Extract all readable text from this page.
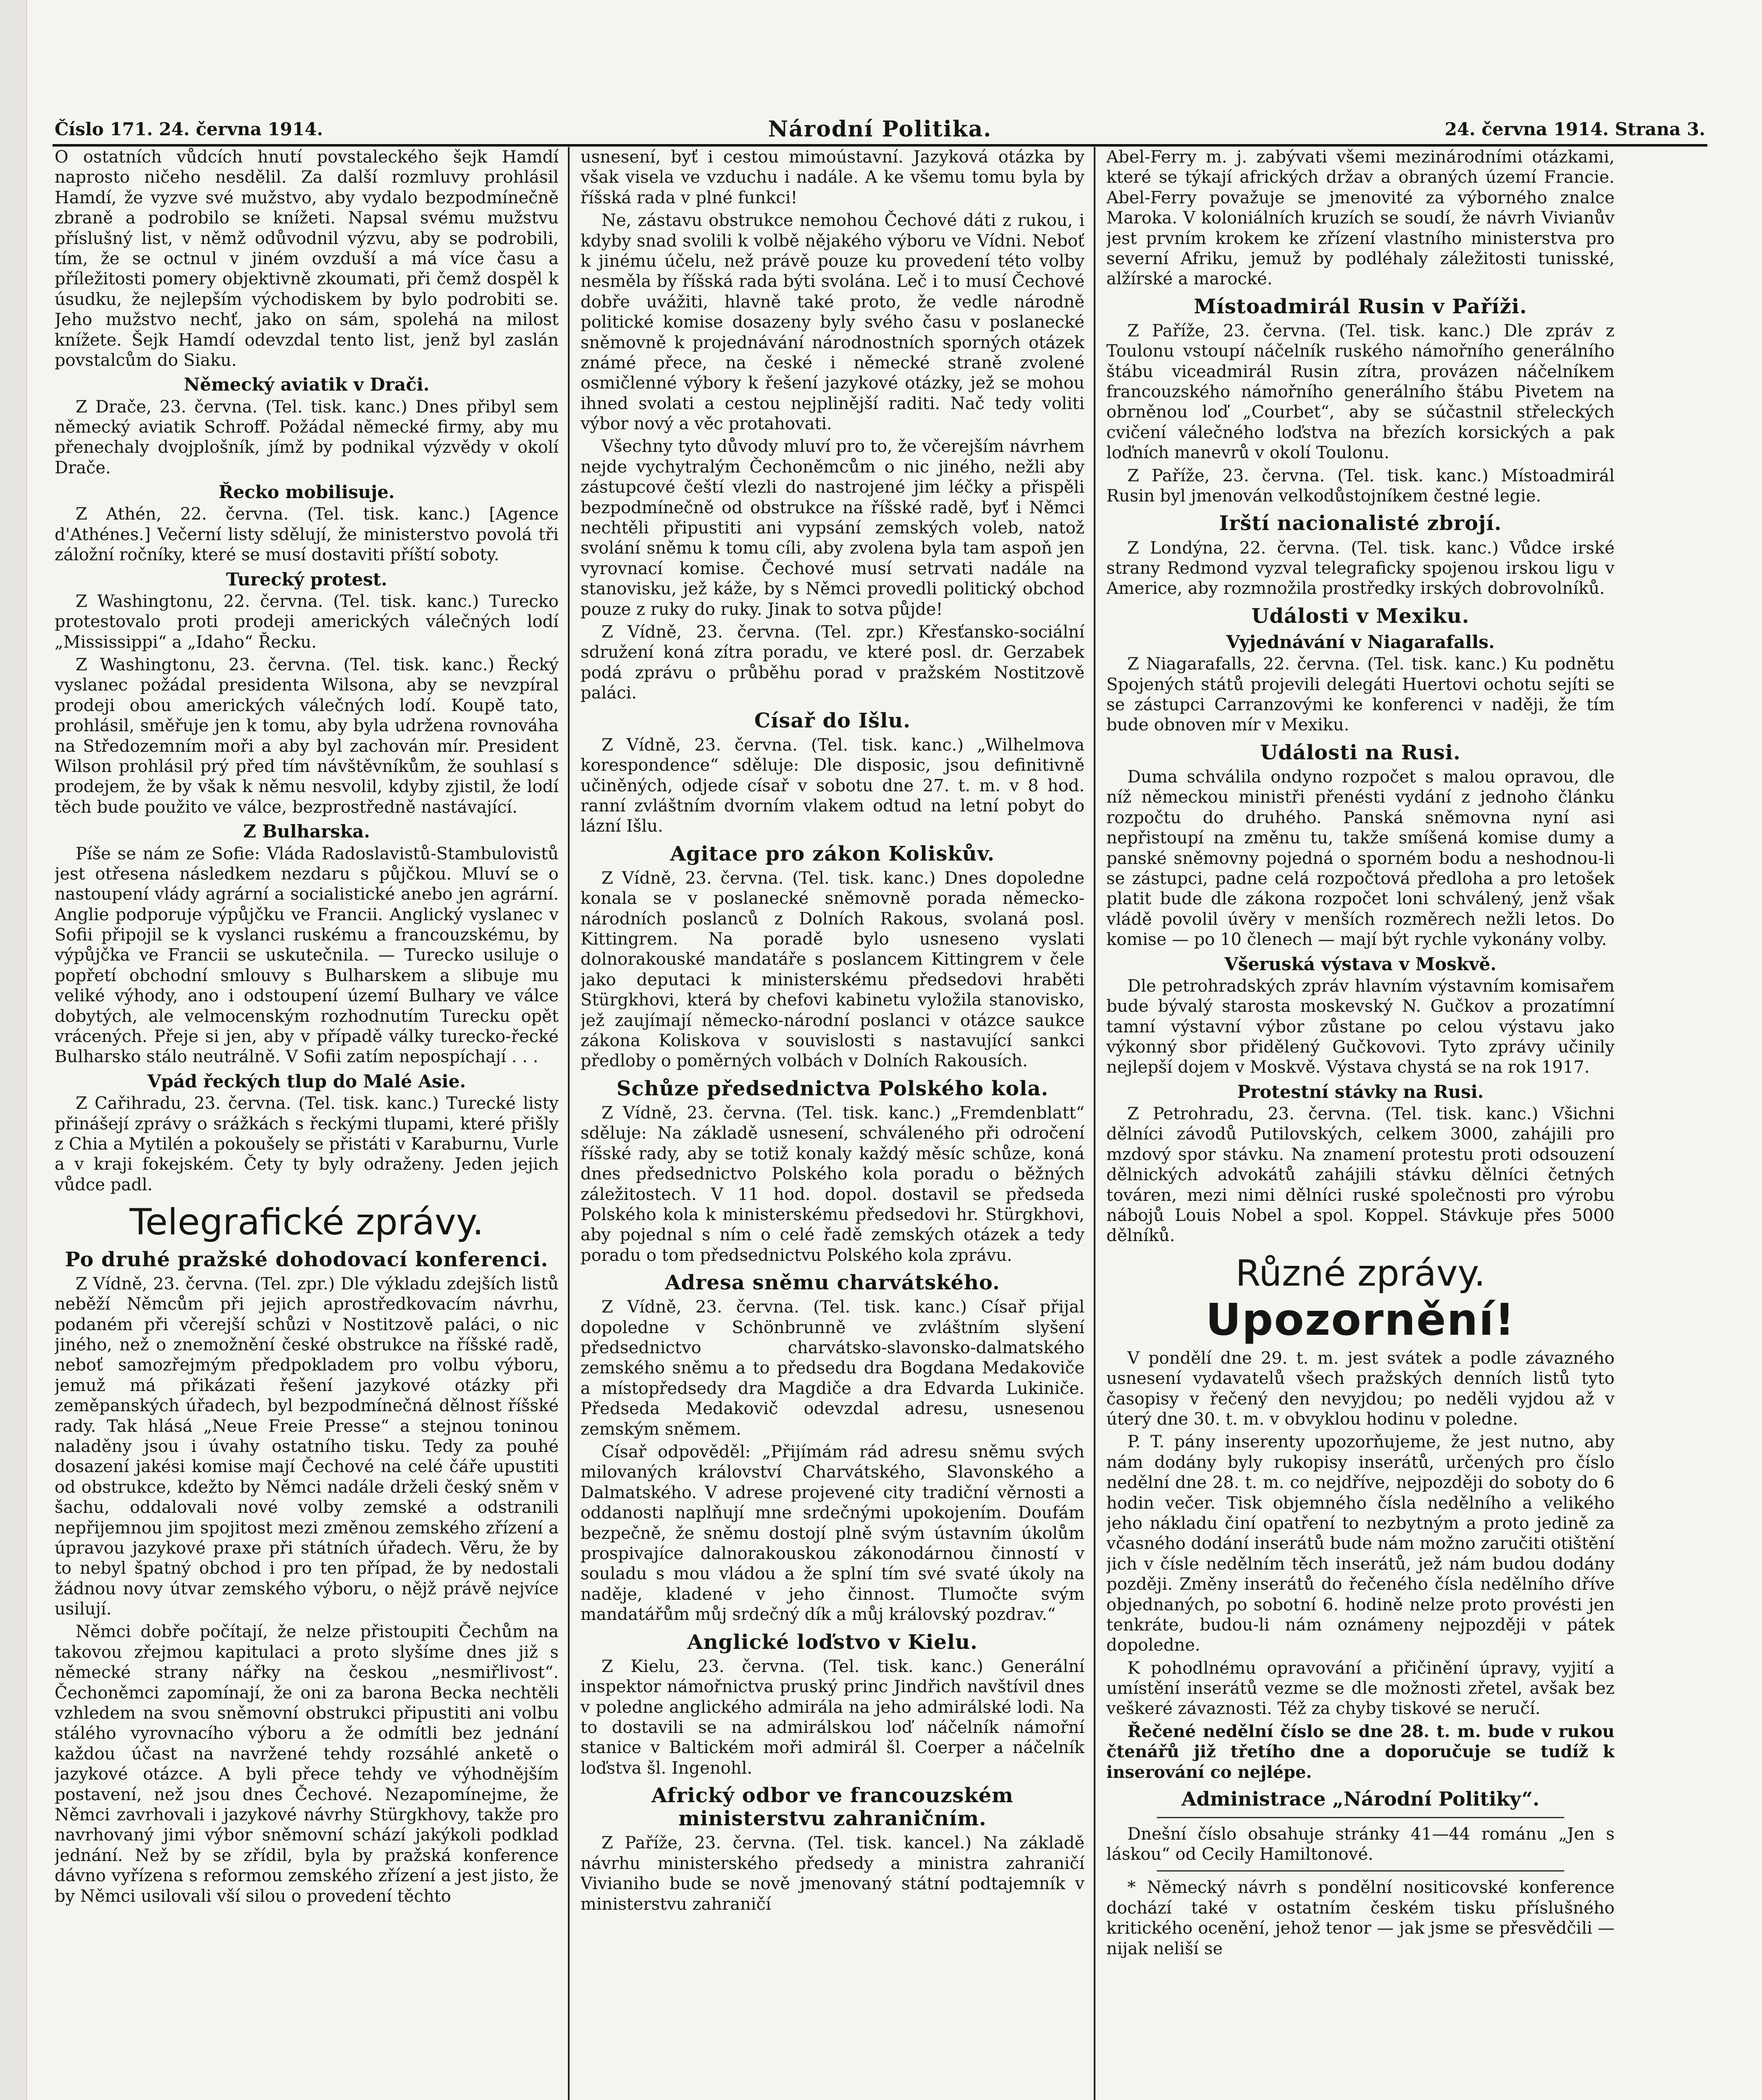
Číslo 171. 24. června 1914.	Národní Politika.	24. června 1914. Strana 3.

O ostatních vůdcích hnutí povstaleckého šejk Hamdí naprosto ničeho nesdělil. Za další rozmluvy prohlásil Hamdí, že vyzve své mužstvo, aby vydalo bezpodmínečně zbraně a podrobilo se knížeti. Napsal svému mužstvu příslušný list, v němž odůvodnil výzvu, aby se podrobili, tím, že se octnul v jiném ovzduší a má více času a příležitosti pomery objektivně zkoumati, při čemž dospěl k úsudku, že nejlepším východiskem by bylo podrobiti se. Jeho mužstvo nechť, jako on sám, spolehá na milost knížete. Šejk Hamdí odevzdal tento list, jenž byl zaslán povstalcům do Siaku.

Německý aviatik v Drači.

Z Drače, 23. června. (Tel. tisk. kanc.) Dnes přibyl sem německý aviatik Schroff. Požádal německé firmy, aby mu přenechaly dvojplošník, jímž by podnikal výzvědy v okolí Drače.

Řecko mobilisuje.

Z Athén, 22. června. (Tel. tisk. kanc.) [Agence d'Athénes.] Večerní listy sdělují, že ministerstvo povolá tři záložní ročníky, které se musí dostaviti příští soboty.

Turecký protest.

Z Washingtonu, 22. června. (Tel. tisk. kanc.) Turecko protestovalo proti prodeji amerických válečných lodí „Mississippi“ a „Idaho“ Řecku.

Z Washingtonu, 23. června. (Tel. tisk. kanc.) Řecký vyslanec požádal presidenta Wilsona, aby se nevzpíral prodeji obou amerických válečných lodí. Koupě tato, prohlásil, směřuje jen k tomu, aby byla udržena rovnováha na Středozemním moři a aby byl zachován mír. President Wilson prohlásil prý před tím návštěvníkům, že souhlasí s prodejem, že by však k němu nesvolil, kdyby zjistil, že lodí těch bude použito ve válce, bezprostředně nastávající.

Z Bulharska.

Píše se nám ze Sofie: Vláda Radoslavistů-Stambulovistů jest otřesena následkem nezdaru s půjčkou. Mluví se o nastoupení vlády agrární a socialistické anebo jen agrární. Anglie podporuje výpůjčku ve Francii. Anglický vyslanec v Sofii připojil se k vyslanci ruskému a francouzskému, by výpůjčka ve Francii se uskutečnila. — Turecko usiluje o popřetí obchodní smlouvy s Bulharskem a slibuje mu veliké výhody, ano i odstoupení území Bulhary ve válce dobytých, ale velmocenským rozhodnutím Turecku opět vrácených. Přeje si jen, aby v případě války turecko-řecké Bulharsko stálo neutrálně. V Sofii zatím nepospíchají . . .

Vpád řeckých tlup do Malé Asie.

Z Cařihradu, 23. června. (Tel. tisk. kanc.) Turecké listy přinášejí zprávy o srážkách s řeckými tlupami, které přišly z Chia a Mytilén a pokoušely se přistáti v Karaburnu, Vurle a v kraji fokejském. Čety ty byly odraženy. Jeden jejich vůdce padl.

Telegrafické zprávy.
Po druhé pražské dohodovací konferenci.

Z Vídně, 23. června. (Tel. zpr.) Dle výkladu zdejších listů neběží Němcům při jejich aprostředkovacím návrhu, podaném při včerejší schůzi v Nostitzově paláci, o nic jiného, než o znemožnění české obstrukce na říšské radě, neboť samozřejmým předpokladem pro volbu výboru, jemuž má přikázati řešení jazykové otázky při zeměpanských úřadech, byl bezpodmínečná dělnost říšské rady. Tak hlásá „Neue Freie Presse“ a stejnou toninou naladěny jsou i úvahy ostatního tisku. Tedy za pouhé dosazení jakési komise mají Čechové na celé čáře upustiti od obstrukce, kdežto by Němci nadále drželi český sněm v šachu, oddalovali nové volby zemské a odstranili nepřijemnou jim spojitost mezi změnou zemského zřízení a úpravou jazykové praxe při státních úřadech. Věru, že by to nebyl špatný obchod i pro ten případ, že by nedostali žádnou novy útvar zemského výboru, o nějž právě nejvíce usilují.

Němci dobře počítají, že nelze přistoupiti Čechům na takovou zřejmou kapitulaci a proto slyšíme dnes již s německé strany nářky na českou „nesmiřlivost“. Čechoněmci zapomínají, že oni za barona Becka nechtěli vzhledem na svou sněmovní obstrukci připustiti ani volbu stálého vyrovnacího výboru a že odmítli bez jednání každou účast na navržené tehdy rozsáhlé anketě o jazykové otázce. A byli přece tehdy ve výhodnějším postavení, než jsou dnes Čechové. Nezapomínejme, že Němci zavrhovali i jazykové návrhy Stürgkhovy, takže pro navrhovaný jimi výbor sněmovní schází jakýkoli podklad jednání. Než by se zřídil, byla by pražská konference dávno vyřízena s reformou zemského zřízení a jest jisto, že by Němci usilovali vší silou o provedení těchto

usnesení, byť i cestou mimoústavní. Jazyková otázka by však visela ve vzduchu i nadále. A ke všemu tomu byla by říšská rada v plné funkci!

Ne, zástavu obstrukce nemohou Čechové dáti z rukou, i kdyby snad svolili k volbě nějakého výboru ve Vídni. Neboť k jinému účelu, než právě pouze ku provedení této volby nesměla by říšská rada býti svolána. Leč i to musí Čechové dobře uvážiti, hlavně také proto, že vedle národně politické komise dosazeny byly svého času v poslanecké sněmovně k projednávání národnostních sporných otázek známé přece, na české i německé straně zvolené osmičlenné výbory k řešení jazykové otázky, jež se mohou ihned svolati a cestou nejplinější raditi. Nač tedy voliti výbor nový a věc protahovati.

Všechny tyto důvody mluví pro to, že včerejším návrhem nejde vychytralým Čechoněmcům o nic jiného, nežli aby zástupcové čeští vlezli do nastrojené jim léčky a přispěli bezpodmínečně od obstrukce na říšské radě, byť i Němci nechtěli připustiti ani vypsání zemských voleb, natož svolání sněmu k tomu cíli, aby zvolena byla tam aspoň jen vyrovnací komise. Čechové musí setrvati nadále na stanovisku, jež káže, by s Němci provedli politický obchod pouze z ruky do ruky. Jinak to sotva půjde!

Z Vídně, 23. června. (Tel. zpr.) Křesťansko-sociální sdružení koná zítra poradu, ve které posl. dr. Gerzabek podá zprávu o průběhu porad v pražském Nostitzově paláci.

Císař do Išlu.

Z Vídně, 23. června. (Tel. tisk. kanc.) „Wilhelmova korespondence“ sděluje: Dle disposic, jsou definitivně učiněných, odjede císař v sobotu dne 27. t. m. v 8 hod. ranní zvláštním dvorním vlakem odtud na letní pobyt do lázní Išlu.

Agitace pro zákon Koliskův.

Z Vídně, 23. června. (Tel. tisk. kanc.) Dnes dopoledne konala se v poslanecké sněmovně porada německo-národních poslanců z Dolních Rakous, svolaná posl. Kittingrem. Na poradě bylo usneseno vyslati dolnorakouské mandatáře s poslancem Kittingrem v čele jako deputaci k ministerskému předsedovi hraběti Stürgkhovi, která by chefovi kabinetu vyložila stanovisko, jež zaujímají německo-národní poslanci v otázce saukce zákona Koliskova v souvislosti s nastavující sankci předloby o poměrných volbách v Dolních Rakousích.

Schůze předsednictva Polského kola.

Z Vídně, 23. června. (Tel. tisk. kanc.) „Fremdenblatt“ sděluje: Na základě usnesení, schváleného při odročení říšské rady, aby se totiž konaly každý měsíc schůze, koná dnes předsednictvo Polského kola poradu o běžných záležitostech. V 11 hod. dopol. dostavil se předseda Polského kola k ministerskému předsedovi hr. Stürgkhovi, aby pojednal s ním o celé řadě zemských otázek a tedy poradu o tom předsednictvu Polského kola zprávu.

Adresa sněmu charvátského.

Z Vídně, 23. června. (Tel. tisk. kanc.) Císař přijal dopoledne v Schönbrunně ve zvláštním slyšení předsednictvo charvátsko-slavonsko-dalmatského zemského sněmu a to předsedu dra Bogdana Medakoviče a místopředsedy dra Magdiče a dra Edvarda Lukiniče. Předseda Medakovič odevzdal adresu, usnesenou zemským sněmem.

Císař odpověděl: „Přijímám rád adresu sněmu svých milovaných království Charvátského, Slavonského a Dalmatského. V adrese projevené city tradiční věrnosti a oddanosti naplňují mne srdečnými upokojením. Doufám bezpečně, že sněmu dostojí plně svým ústavním úkolům prospivajíce dalnorakouskou zákonodárnou činností v souladu s mou vládou a že splní tím své svaté úkoly na naděje, kladené v jeho činnost. Tlumočte svým mandatářům můj srdečný dík a můj královský pozdrav.“

Anglické loďstvo v Kielu.

Z Kielu, 23. června. (Tel. tisk. kanc.) Generální inspektor námořnictva pruský princ Jindřich navštívil dnes v poledne anglického admirála na jeho admirálské lodi. Na to dostavili se na admirálskou loď náčelník námořní stanice v Baltickém moři admirál šl. Coerper a náčelník loďstva šl. Ingenohl.

Africký odbor ve francouzském ministerstvu zahraničním.

Z Paříže, 23. června. (Tel. tisk. kancel.) Na základě návrhu ministerského předsedy a ministra zahraničí Vivianiho bude se nově jmenovaný státní podtajemník v ministerstvu zahraničí

Abel-Ferry m. j. zabývati všemi mezinárodními otázkami, které se týkají afrických držav a obraných území Francie. Abel-Ferry považuje se jmenovité za výborného znalce Maroka. V koloniálních kruzích se soudí, že návrh Vivianův jest prvním krokem ke zřízení vlastního ministerstva pro severní Afriku, jemuž by podléhaly záležitosti tunisské, alžírské a marocké.

Místoadmirál Rusin v Paříži.

Z Paříže, 23. června. (Tel. tisk. kanc.) Dle zpráv z Toulonu vstoupí náčelník ruského námořního generálního štábu viceadmirál Rusin zítra, provázen náčelníkem francouzského námořního generálního štábu Pivetem na obrněnou loď „Courbet“, aby se súčastnil střeleckých cvičení válečného loďstva na březích korsických a pak loďních manevrů v okolí Toulonu.

Z Paříže, 23. června. (Tel. tisk. kanc.) Místoadmirál Rusin byl jmenován velkodůstojníkem čestné legie.

Irští nacionalisté zbrojí.

Z Londýna, 22. června. (Tel. tisk. kanc.) Vůdce irské strany Redmond vyzval telegraficky spojenou irskou ligu v Americe, aby rozmnožila prostředky irských dobrovolníků.

Události v Mexiku.
Vyjednávání v Niagarafalls.

Z Niagarafalls, 22. června. (Tel. tisk. kanc.) Ku podnětu Spojených států projevili delegáti Huertovi ochotu sejíti se se zástupci Carranzovými ke konferenci v naději, že tím bude obnoven mír v Mexiku.

Události na Rusi.

Duma schválila ondyno rozpočet s malou opravou, dle níž německou ministři přenésti vydání z jednoho článku rozpočtu do druhého. Panská sněmovna nyní asi nepřistoupí na změnu tu, takže smíšená komise dumy a panské sněmovny pojedná o sporném bodu a neshodnou-li se zástupci, padne celá rozpočtová předloha a pro letošek platit bude dle zákona rozpočet loni schválený, jenž však vládě povolil úvěry v menších rozměrech nežli letos. Do komise — po 10 členech — mají být rychle vykonány volby.

Všeruská výstava v Moskvě.

Dle petrohradských zpráv hlavním výstavním komisařem bude bývalý starosta moskevský N. Gučkov a prozatímní tamní výstavní výbor zůstane po celou výstavu jako výkonný sbor přidělený Gučkovovi. Tyto zprávy učinily nejlepší dojem v Moskvě. Výstava chystá se na rok 1917.

Protestní stávky na Rusi.

Z Petrohradu, 23. června. (Tel. tisk. kanc.) Všichni dělníci závodů Putilovských, celkem 3000, zahájili pro mzdový spor stávku. Na znamení protestu proti odsouzení dělnických advokátů zahájili stávku dělníci četných továren, mezi nimi dělníci ruské společnosti pro výrobu nábojů Louis Nobel a spol. Koppel. Stávkuje přes 5000 dělníků.

Různé zprávy.
Upozornění!

V pondělí dne 29. t. m. jest svátek a podle závazného usnesení vydavatelů všech pražských denních listů tyto časopisy v řečený den nevyjdou; po neděli vyjdou až v úterý dne 30. t. m. v obvyklou hodinu v poledne.

P. T. pány inserenty upozorňujeme, že jest nutno, aby nám dodány byly rukopisy inserátů, určených pro číslo nedělní dne 28. t. m. co nejdříve, nejpozději do soboty do 6 hodin večer. Tisk objemného čísla nedělního a velikého jeho nákladu činí opatření to nezbytným a proto jedině za včasného dodání inserátů bude nám možno zaručiti otištění jich v čísle nedělním těch inserátů, jež nám budou dodány později. Změny inserátů do řečeného čísla nedělního dříve objednaných, po sobotní 6. hodině nelze proto provésti jen tenkráte, budou-li nám oznámeny nejpozději v pátek dopoledne.

K pohodlnému opravování a přičinění úpravy, vyjití a umístění inserátů vezme se dle možnosti zřetel, avšak bez veškeré závaznosti. Též za chyby tiskové se neručí.

Řečené nedělní číslo se dne 28. t. m. bude v rukou čtenářů již třetího dne a doporučuje se tudíž k inserování co nejlépe.

Administrace „Národní Politiky“.

Dnešní číslo obsahuje stránky 41—44 románu „Jen s láskou“ od Cecily Hamiltonové.

* Německý návrh s pondělní nositicovské konference dochází také v ostatním českém tisku příslušného kritického ocenění, jehož tenor — jak jsme se přesvědčili — nijak neliší se
